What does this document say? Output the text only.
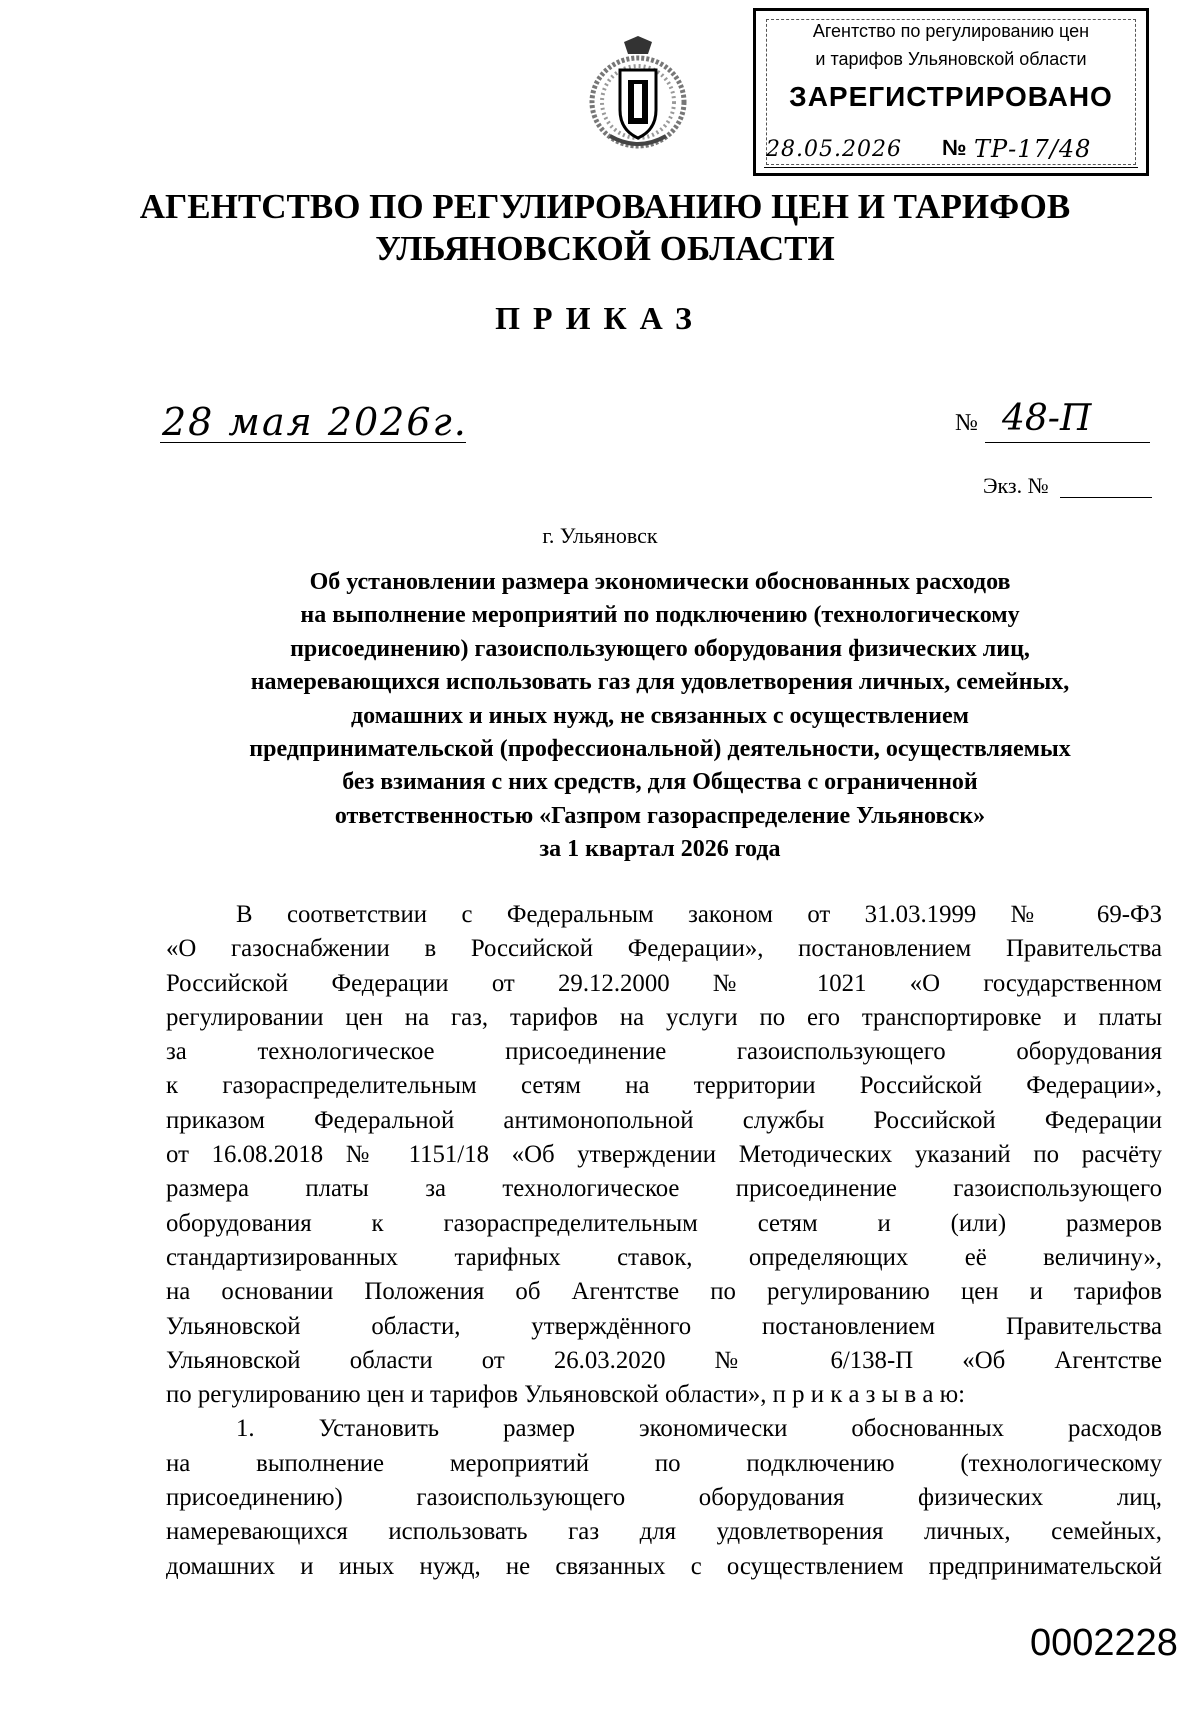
Агентство по регулированию цен
и тарифов Ульяновской области
ЗАРЕГИСТРИРОВАНО
28.05.2026 № ТР-17/48
АГЕНТСТВО ПО РЕГУЛИРОВАНИЮ ЦЕН И ТАРИФОВ
УЛЬЯНОВСКОЙ ОБЛАСТИ
ПРИКАЗ
28 мая 2026г.	№ 48-П
Экз. №
г. Ульяновск
Об установлении размера экономически обоснованных расходов
на выполнение мероприятий по подключению (технологическому
присоединению) газоиспользующего оборудования физических лиц,
намеревающихся использовать газ для удовлетворения личных, семейных,
домашних и иных нужд, не связанных с осуществлением
предпринимательской (профессиональной) деятельности, осуществляемых
без взимания с них средств, для Общества с ограниченной
ответственностью «Газпром газораспределение Ульяновск»
за 1 квартал 2026 года
В соответствии с Федеральным законом от 31.03.1999 № 69-ФЗ
«О газоснабжении в Российской Федерации», постановлением Правительства
Российской Федерации от 29.12.2000 № 1021 «О государственном
регулировании цен на газ, тарифов на услуги по его транспортировке и платы
за технологическое присоединение газоиспользующего оборудования
к газораспределительным сетям на территории Российской Федерации»,
приказом Федеральной антимонопольной службы Российской Федерации
от 16.08.2018 № 1151/18 «Об утверждении Методических указаний по расчёту
размера платы за технологическое присоединение газоиспользующего
оборудования к газораспределительным сетям и (или) размеров
стандартизированных тарифных ставок, определяющих её величину»,
на основании Положения об Агентстве по регулированию цен и тарифов
Ульяновской области, утверждённого постановлением Правительства
Ульяновской области от 26.03.2020 № 6/138-П «Об Агентстве
по регулированию цен и тарифов Ульяновской области», п р и к а з ы в а ю:
1. Установить размер экономически обоснованных расходов
на выполнение мероприятий по подключению (технологическому
присоединению) газоиспользующего оборудования физических лиц,
намеревающихся использовать газ для удовлетворения личных, семейных,
домашних и иных нужд, не связанных с осуществлением предпринимательской
0002228
